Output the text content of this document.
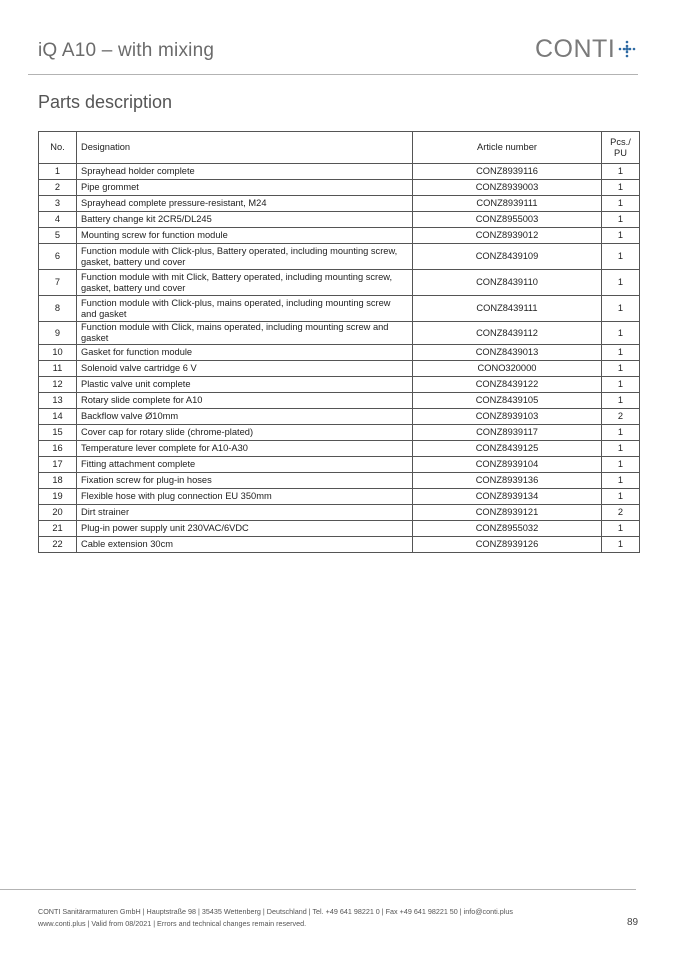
iQ A10 – with mixing	CONTI
Parts description
No.	Designation	Article number	Pcs./
PU
1	Sprayhead holder complete	CONZ8939116	1
2	Pipe grommet	CONZ8939003	1
3	Sprayhead complete pressure-resistant, M24	CONZ8939111	1
4	Battery change kit 2CR5/DL245	CONZ8955003	1
5	Mounting screw for function module	CONZ8939012	1
6	Function module with Click-plus, Battery operated, including mounting screw, gasket, battery und cover	CONZ8439109	1
7	Function module with mit Click, Battery operated, including mounting screw, gasket, battery und cover	CONZ8439110	1
8	Function module with Click-plus, mains operated, including mounting screw and gasket	CONZ8439111	1
9	Function module with Click, mains operated, including mounting screw and gasket	CONZ8439112	1
10	Gasket for function module	CONZ8439013	1
11	Solenoid valve cartridge 6 V	CONO320000	1
12	Plastic valve unit complete	CONZ8439122	1
13	Rotary slide complete for A10	CONZ8439105	1
14	Backflow valve Ø10mm	CONZ8939103	2
15	Cover cap for rotary slide (chrome-plated)	CONZ8939117	1
16	Temperature lever complete for A10-A30	CONZ8439125	1
17	Fitting attachment complete	CONZ8939104	1
18	Fixation screw for plug-in hoses	CONZ8939136	1
19	Flexible hose with plug connection EU 350mm	CONZ8939134	1
20	Dirt strainer	CONZ8939121	2
21	Plug-in power supply unit 230VAC/6VDC	CONZ8955032	1
22	Cable extension 30cm	CONZ8939126	1
CONTI Sanitärarmaturen GmbH | Hauptstraße 98 | 35435 Wettenberg | Deutschland | Tel. +49 641 98221 0 | Fax +49 641 98221 50 | info@conti.plus
www.conti.plus | Valid from 08/2021 | Errors and technical changes remain reserved.	89
